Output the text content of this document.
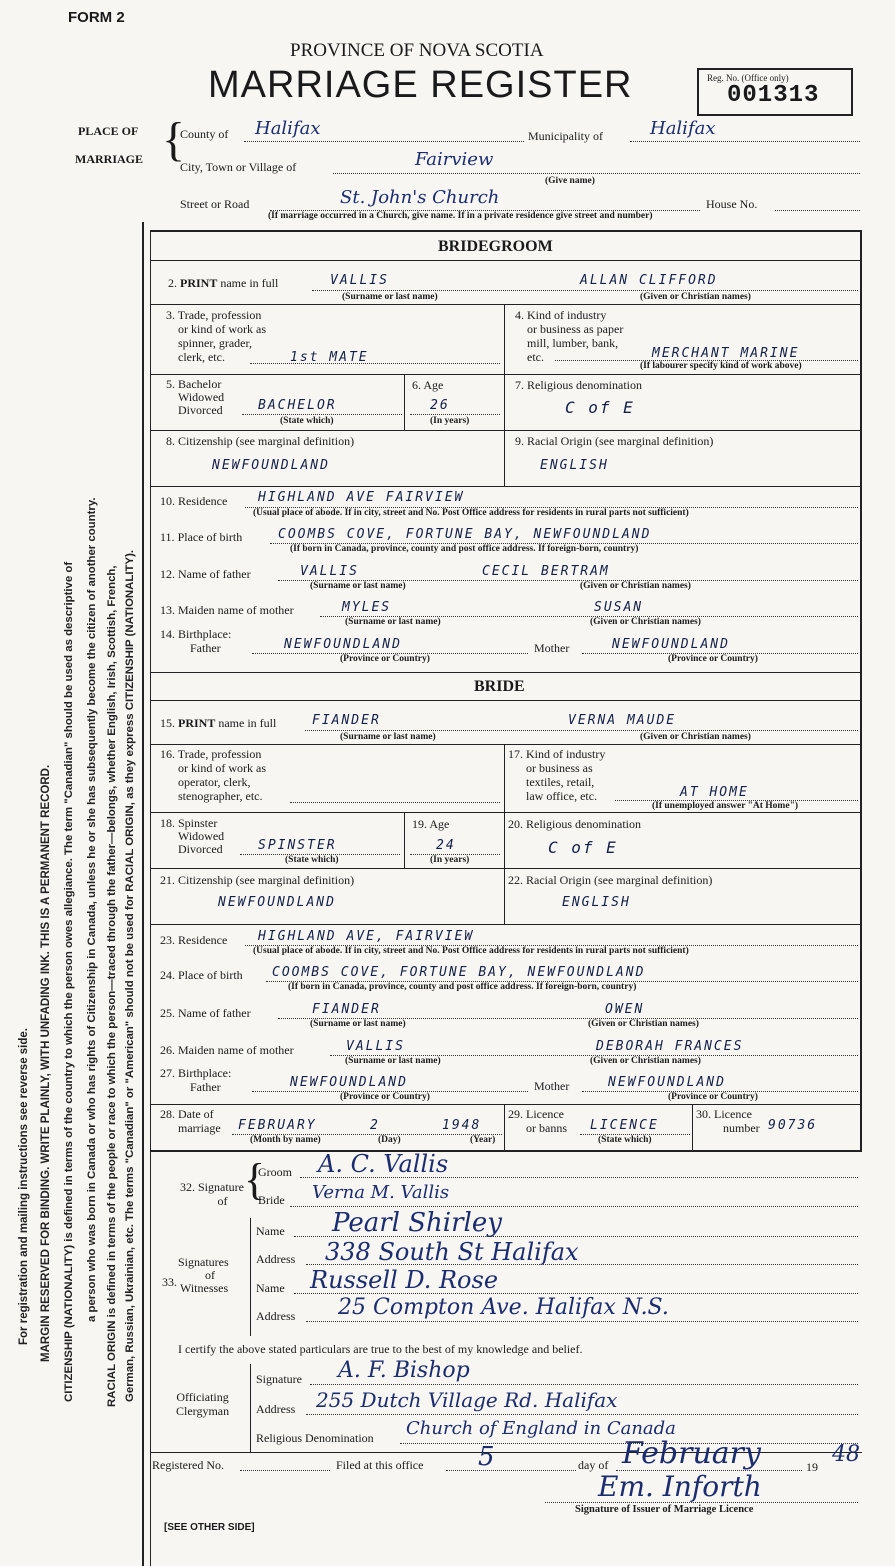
FORM 2
PROVINCE OF NOVA SCOTIA
MARRIAGE REGISTER	Reg. No. (Office only)
001313
PLACE OF
MARRIAGE {
County of Halifax	Municipality of	Halifax
City, Town or Village of	Fairview
(Give name)
Street or Road	St. John's Church	House No.
(If marriage occurred in a Church, give name. If in a private residence give street and number)
For registration and mailing instructions see reverse side. MARGIN RESERVED FOR BINDING. WRITE PLAINLY, WITH UNFADING INK. THIS IS A PERMANENT RECORD. CITIZENSHIP (NATIONALITY) is defined in terms of the country to which the person owes allegiance. The term "Canadian" should be used as descriptive of a person who was born in Canada or who has rights of Citizenship in Canada, unless he or she has subsequently become the citizen of another country. RACIAL ORIGIN is defined in terms of the people or race to which the person—traced through the father—belongs, whether English, Irish, Scottish, French, German, Russian, Ukrainian, etc. The terms "Canadian" or "American" should not be used for RACIAL ORIGIN, as they express CITIZENSHIP (NATIONALITY).
BRIDEGROOM
2. PRINT name in full	VALLIS	ALLAN CLIFFORD
(Surname or last name)	(Given or Christian names)
3. Trade, profession
or kind of work as
spinner, grader,
clerk, etc.	1st MATE
4. Kind of industry
or business as paper
mill, lumber, bank,
etc.	MERCHANT MARINE
(If labourer specify kind of work above)
5. Bachelor
Widowed
Divorced	BACHELOR
(State which)
6. Age
26
(In years)
7. Religious denomination
C of E
8. Citizenship (see marginal definition)
NEWFOUNDLAND
9. Racial Origin (see marginal definition)
ENGLISH
10. Residence HIGHLAND AVE FAIRVIEW
(Usual place of abode. If in city, street and No. Post Office address for residents in rural parts not sufficient)
11. Place of birth	COOMBS COVE, FORTUNE BAY, NEWFOUNDLAND
(If born in Canada, province, county and post office address. If foreign-born, country)
12. Name of father	VALLIS	CECIL BERTRAM
(Surname or last name)	(Given or Christian names)
13. Maiden name of mother	MYLES	SUSAN
(Surname or last name)	(Given or Christian names)
14. Birthplace:
Father	NEWFOUNDLAND
(Province or Country)
Mother	NEWFOUNDLAND
(Province or Country)
BRIDE
15. PRINT name in full	FIANDER	VERNA MAUDE
(Surname or last name)	(Given or Christian names)
16. Trade, profession
or kind of work as
operator, clerk,
stenographer, etc.
17. Kind of industry
or business as
textiles, retail,
law office, etc.	AT HOME
(If unemployed answer "At Home")
18. Spinster
Widowed
Divorced	SPINSTER
(State which)
19. Age
24
(In years)
20. Religious denomination
C of E
21. Citizenship (see marginal definition)
NEWFOUNDLAND
22. Racial Origin (see marginal definition)
ENGLISH
23. Residence HIGHLAND AVE, FAIRVIEW
(Usual place of abode. If in city, street and No. Post Office address for residents in rural parts not sufficient)
24. Place of birth COOMBS COVE, FORTUNE BAY, NEWFOUNDLAND
(If born in Canada, province, county and post office address. If foreign-born, country)
25. Name of father	FIANDER	OWEN
(Surname or last name)	(Given or Christian names)
26. Maiden name of mother	VALLIS	DEBORAH FRANCES
(Surname or last name)	(Given or Christian names)
27. Birthplace:
Father	NEWFOUNDLAND
(Province or Country)
Mother	NEWFOUNDLAND
(Province or Country)
28. Date of
marriage FEBRUARY	2	1948
(Month by name)	(Day)	(Year)
29. Licence
or banns LICENCE
(State which)
30. Licence
number 90736
32. Signature
of {
Groom A. C. Vallis
Bride Verna M. Vallis
Signatures
33. of
Witnesses
Name Pearl Shirley
Address 338 South St Halifax
Name Russell D. Rose
Address 25 Compton Ave. Halifax N.S.
I certify the above stated particulars are true to the best of my knowledge and belief.
Officiating
Clergyman
Signature A. F. Bishop
Address 255 Dutch Village Rd. Halifax
Religious Denomination Church of England in Canada
Registered No.	Filed at this office 5	day of February	19 48
Em. Inforth
Signature of Issuer of Marriage Licence
[SEE OTHER SIDE]
